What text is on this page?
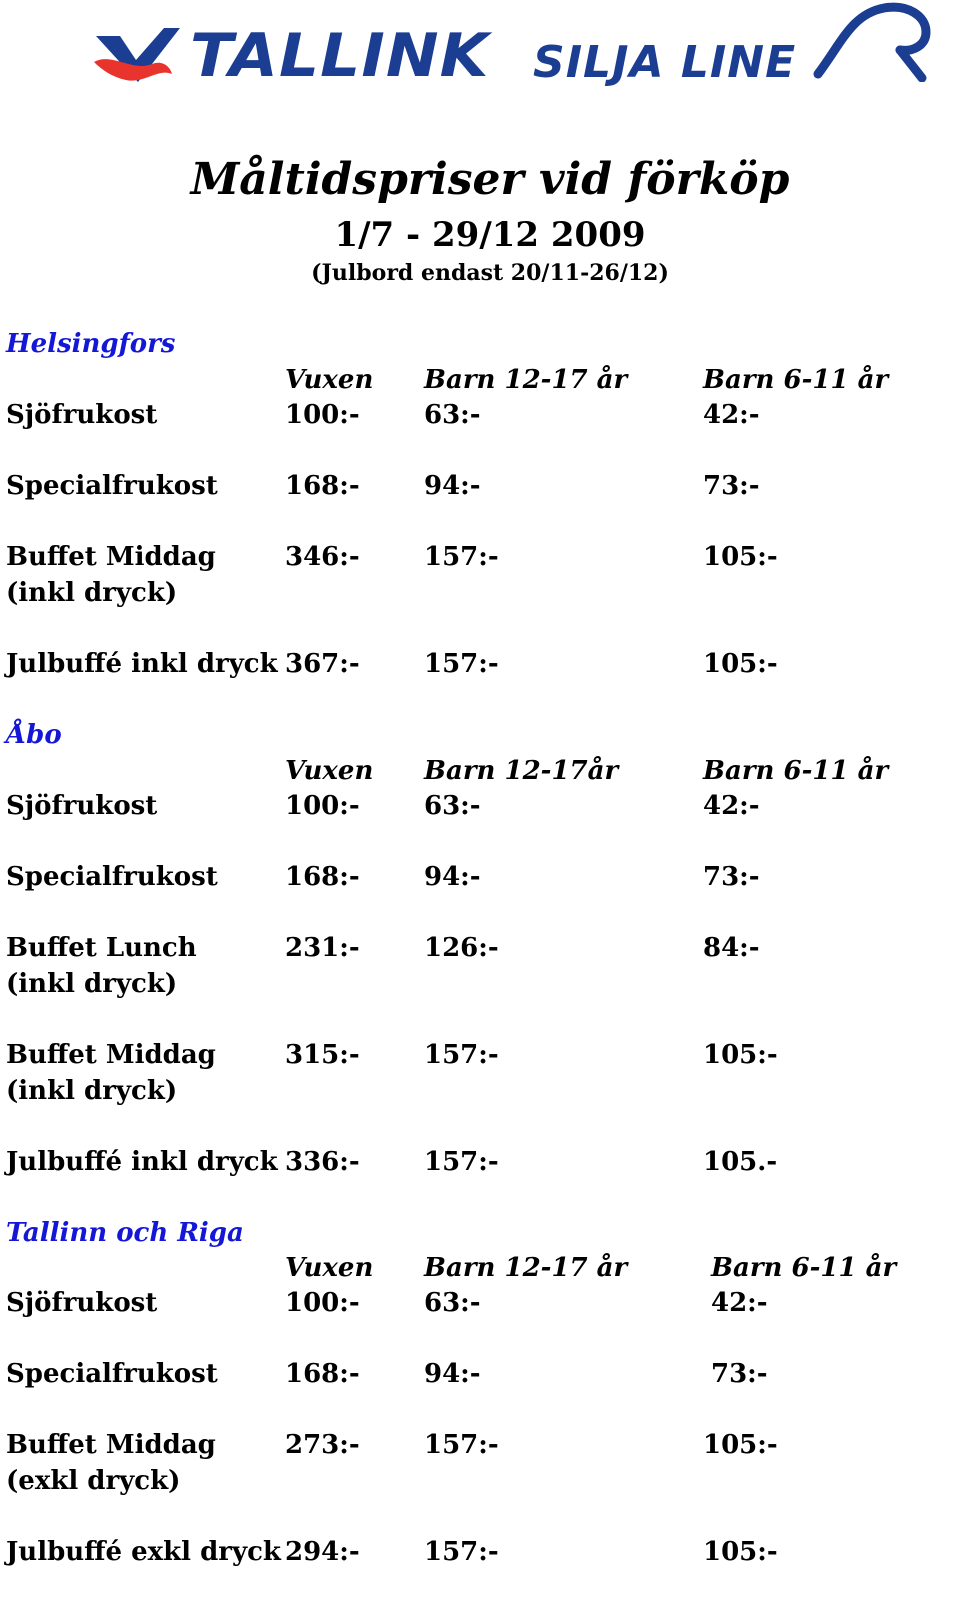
TALLINK SILJA LINE
Måltidspriser vid förköp
1/7 - 29/12 2009
(Julbord endast 20/11-26/12)
Helsingfors
Vuxen Barn 12-17 år	Barn 6-11 år
Sjöfrukost	100:- 63:-	42:-
Specialfrukost	168:- 94:-	73:-
Buffet Middag
(inkl dryck)
346:- 157:-	105:-
Julbuffé inkl dryck 367:- 157:-	105:-
Åbo
Vuxen Barn 12-17år	Barn 6-11 år
Sjöfrukost	100:- 63:-	42:-
Specialfrukost	168:- 94:-	73:-
Buffet Lunch
(inkl dryck)
231:- 126:-	84:-
Buffet Middag
(inkl dryck)
315:- 157:-	105:-
Julbuffé inkl dryck 336:- 157:-	105.-
Tallinn och Riga
Vuxen Barn 12-17 år	Barn 6-11 år
Sjöfrukost	100:- 63:-	42:-
Specialfrukost	168:- 94:-	73:-
Buffet Middag
(exkl dryck)
273:- 157:-	105:-
Julbuffé exkl dryck 294:- 157:-	105:-
